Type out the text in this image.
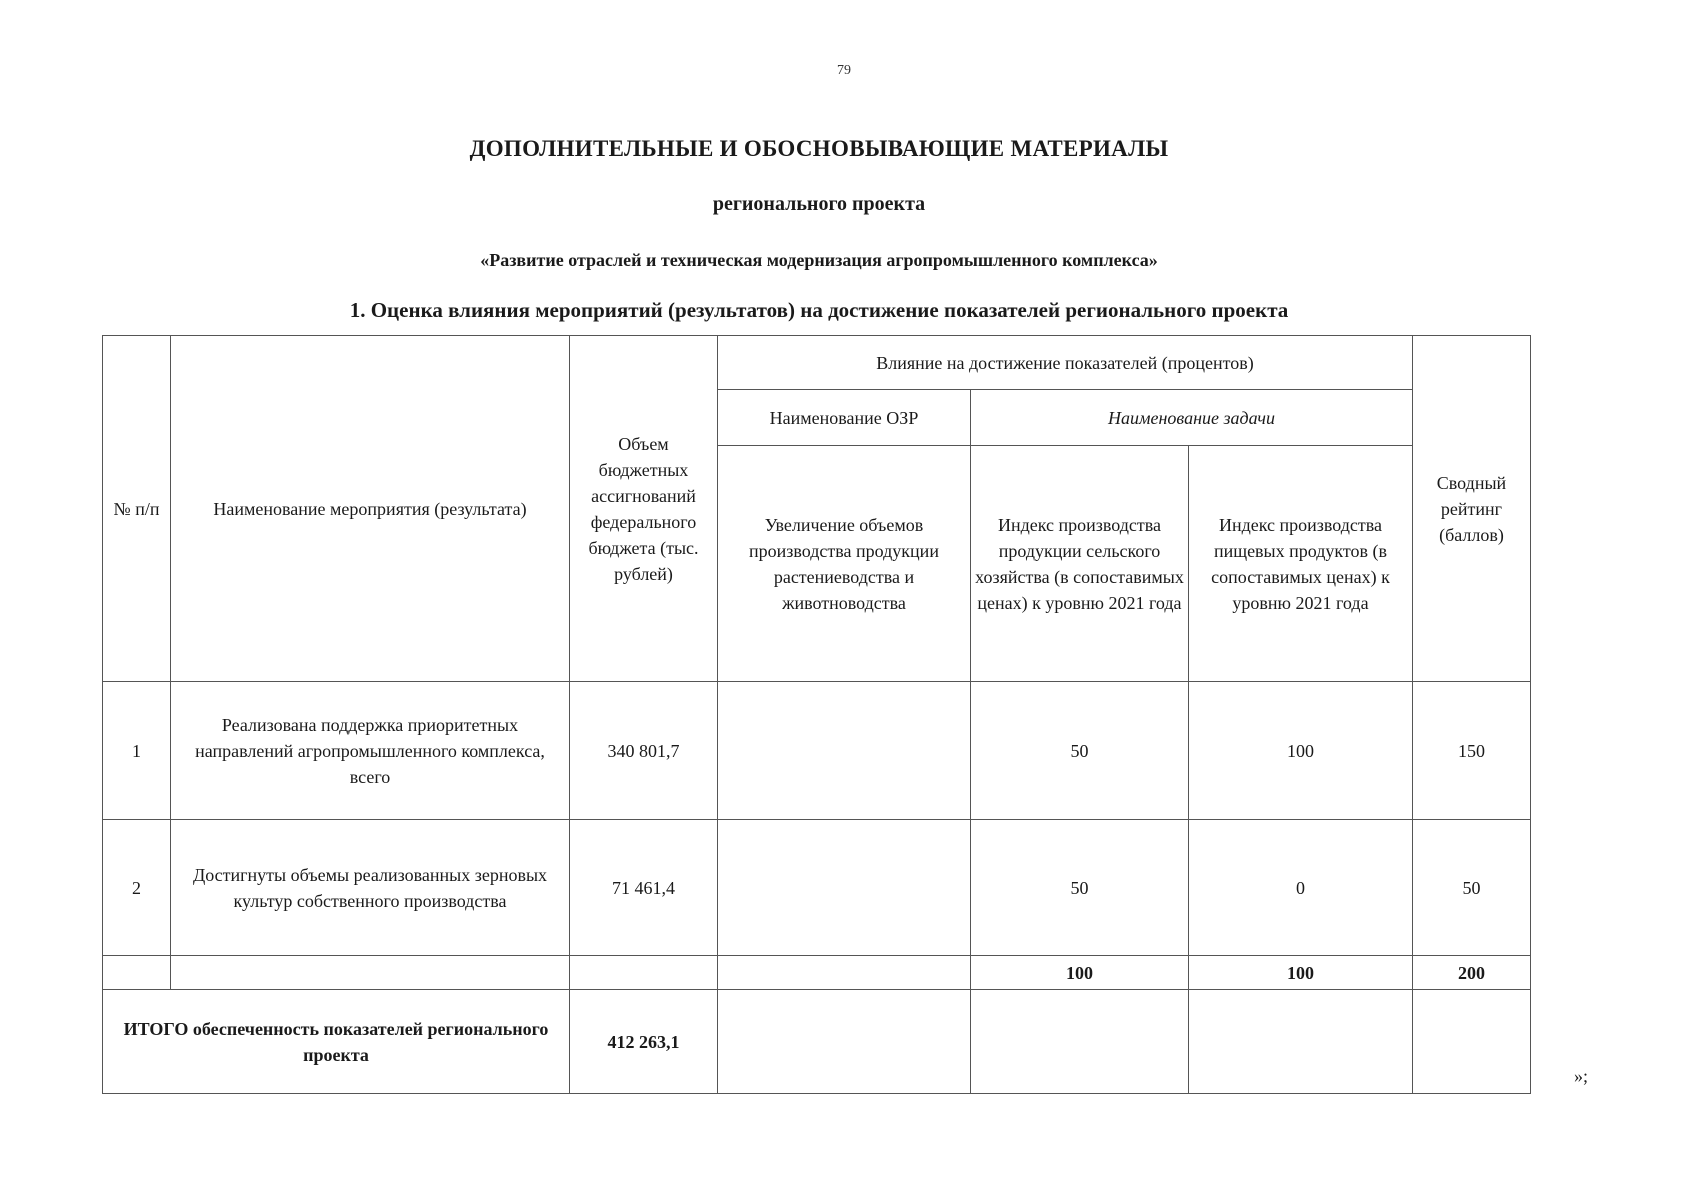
79
ДОПОЛНИТЕЛЬНЫЕ И ОБОСНОВЫВАЮЩИЕ МАТЕРИАЛЫ
регионального проекта
«Развитие отраслей и техническая модернизация агропромышленного комплекса»
1. Оценка влияния мероприятий (результатов) на достижение показателей регионального проекта
№ п/п	Наименование мероприятия (результата)	Объем бюджетных ассигнований федерального бюджета (тыс. рублей)	Влияние на достижение показателей (процентов)			Сводный рейтинг (баллов)
			Наименование ОЗР	Наименование задачи		
			Увеличение объемов производства продукции растениеводства и животноводства	Индекс производства продукции сельского хозяйства (в сопоставимых ценах) к уровню 2021 года	Индекс производства пищевых продуктов (в сопоставимых ценах) к уровню 2021 года	
1	Реализована поддержка приоритетных направлений агропромышленного комплекса, всего	340 801,7		50	100	150
2	Достигнуты объемы реализованных зерновых культур собственного производства	71 461,4		50	0	50
				100	100	200
ИТОГО обеспеченность показателей регионального проекта		412 263,1				
»;
